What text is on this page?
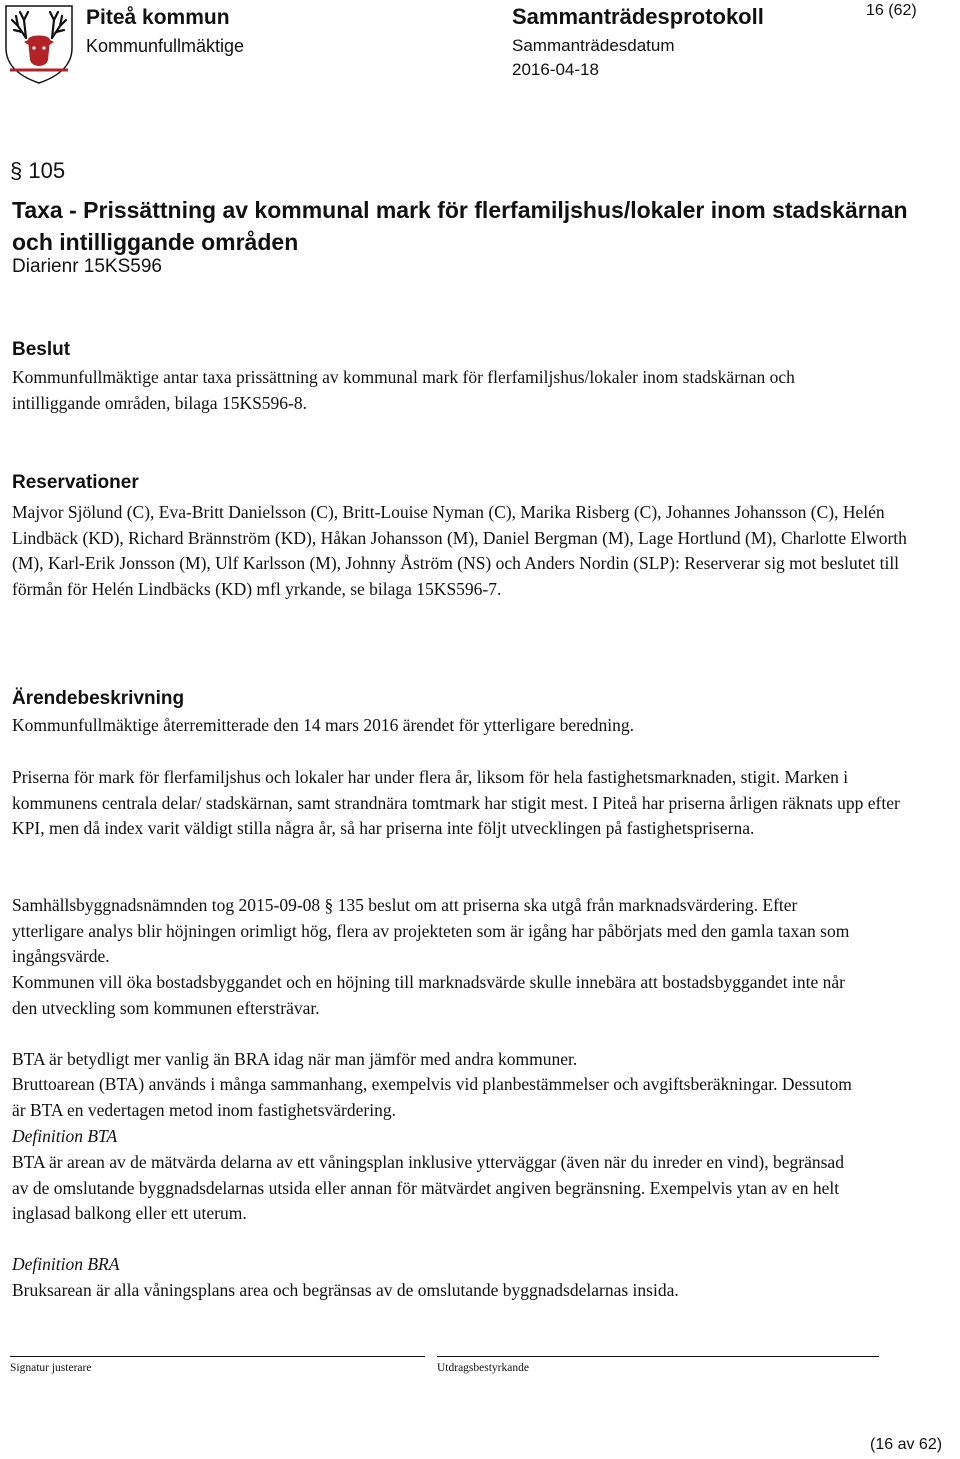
Piteå kommun
Kommunfullmäktige
Sammanträdesprotokoll
Sammanträdesdatum
2016-04-18
16 (62)
§ 105
Taxa - Prissättning av kommunal mark för flerfamiljshus/lokaler inom stadskärnan och intilliggande områden
Diarienr 15KS596
Beslut

Kommunfullmäktige antar taxa prissättning av kommunal mark för flerfamiljshus/lokaler inom stadskärnan och intilliggande områden, bilaga 15KS596-8.

Reservationer

Majvor Sjölund (C), Eva-Britt Danielsson (C), Britt-Louise Nyman (C), Marika Risberg (C), Johannes Johansson (C), Helén Lindbäck (KD), Richard Brännström (KD), Håkan Johansson (M), Daniel Bergman (M), Lage Hortlund (M), Charlotte Elworth (M), Karl-Erik Jonsson (M), Ulf Karlsson (M), Johnny Åström (NS) och Anders Nordin (SLP): Reserverar sig mot beslutet till förmån för Helén Lindbäcks (KD) mfl yrkande, se bilaga 15KS596-7.

Ärendebeskrivning

Kommunfullmäktige återremitterade den 14 mars 2016 ärendet för ytterligare beredning.

Priserna för mark för flerfamiljshus och lokaler har under flera år, liksom för hela fastighetsmarknaden, stigit. Marken i kommunens centrala delar/ stadskärnan, samt strandnära tomtmark har stigit mest. I Piteå har priserna årligen räknats upp efter KPI, men då index varit väldigt stilla några år, så har priserna inte följt utvecklingen på fastighetspriserna.

Samhällsbyggnadsnämnden tog 2015-09-08 § 135 beslut om att priserna ska utgå från marknadsvärdering. Efter ytterligare analys blir höjningen orimligt hög, flera av projekteten som är igång har påbörjats med den gamla taxan som ingångsvärde.

Kommunen vill öka bostadsbyggandet och en höjning till marknadsvärde skulle innebära att bostadsbyggandet inte når den utveckling som kommunen eftersträvar.

BTA är betydligt mer vanlig än BRA idag när man jämför med andra kommuner.

Bruttoarean (BTA) används i många sammanhang, exempelvis vid planbestämmelser och avgiftsberäkningar. Dessutom är BTA en vedertagen metod inom fastighetsvärdering.

Definition BTA

BTA är arean av de mätvärda delarna av ett våningsplan inklusive ytterväggar (även när du inreder en vind), begränsad av de omslutande byggnadsdelarnas utsida eller annan för mätvärdet angiven begränsning. Exempelvis ytan av en helt inglasad balkong eller ett uterum.

Definition BRA

Bruksarean är alla våningsplans area och begränsas av de omslutande byggnadsdelarnas insida.

Signatur justerare	Utdragsbestyrkande
(16 av 62)
